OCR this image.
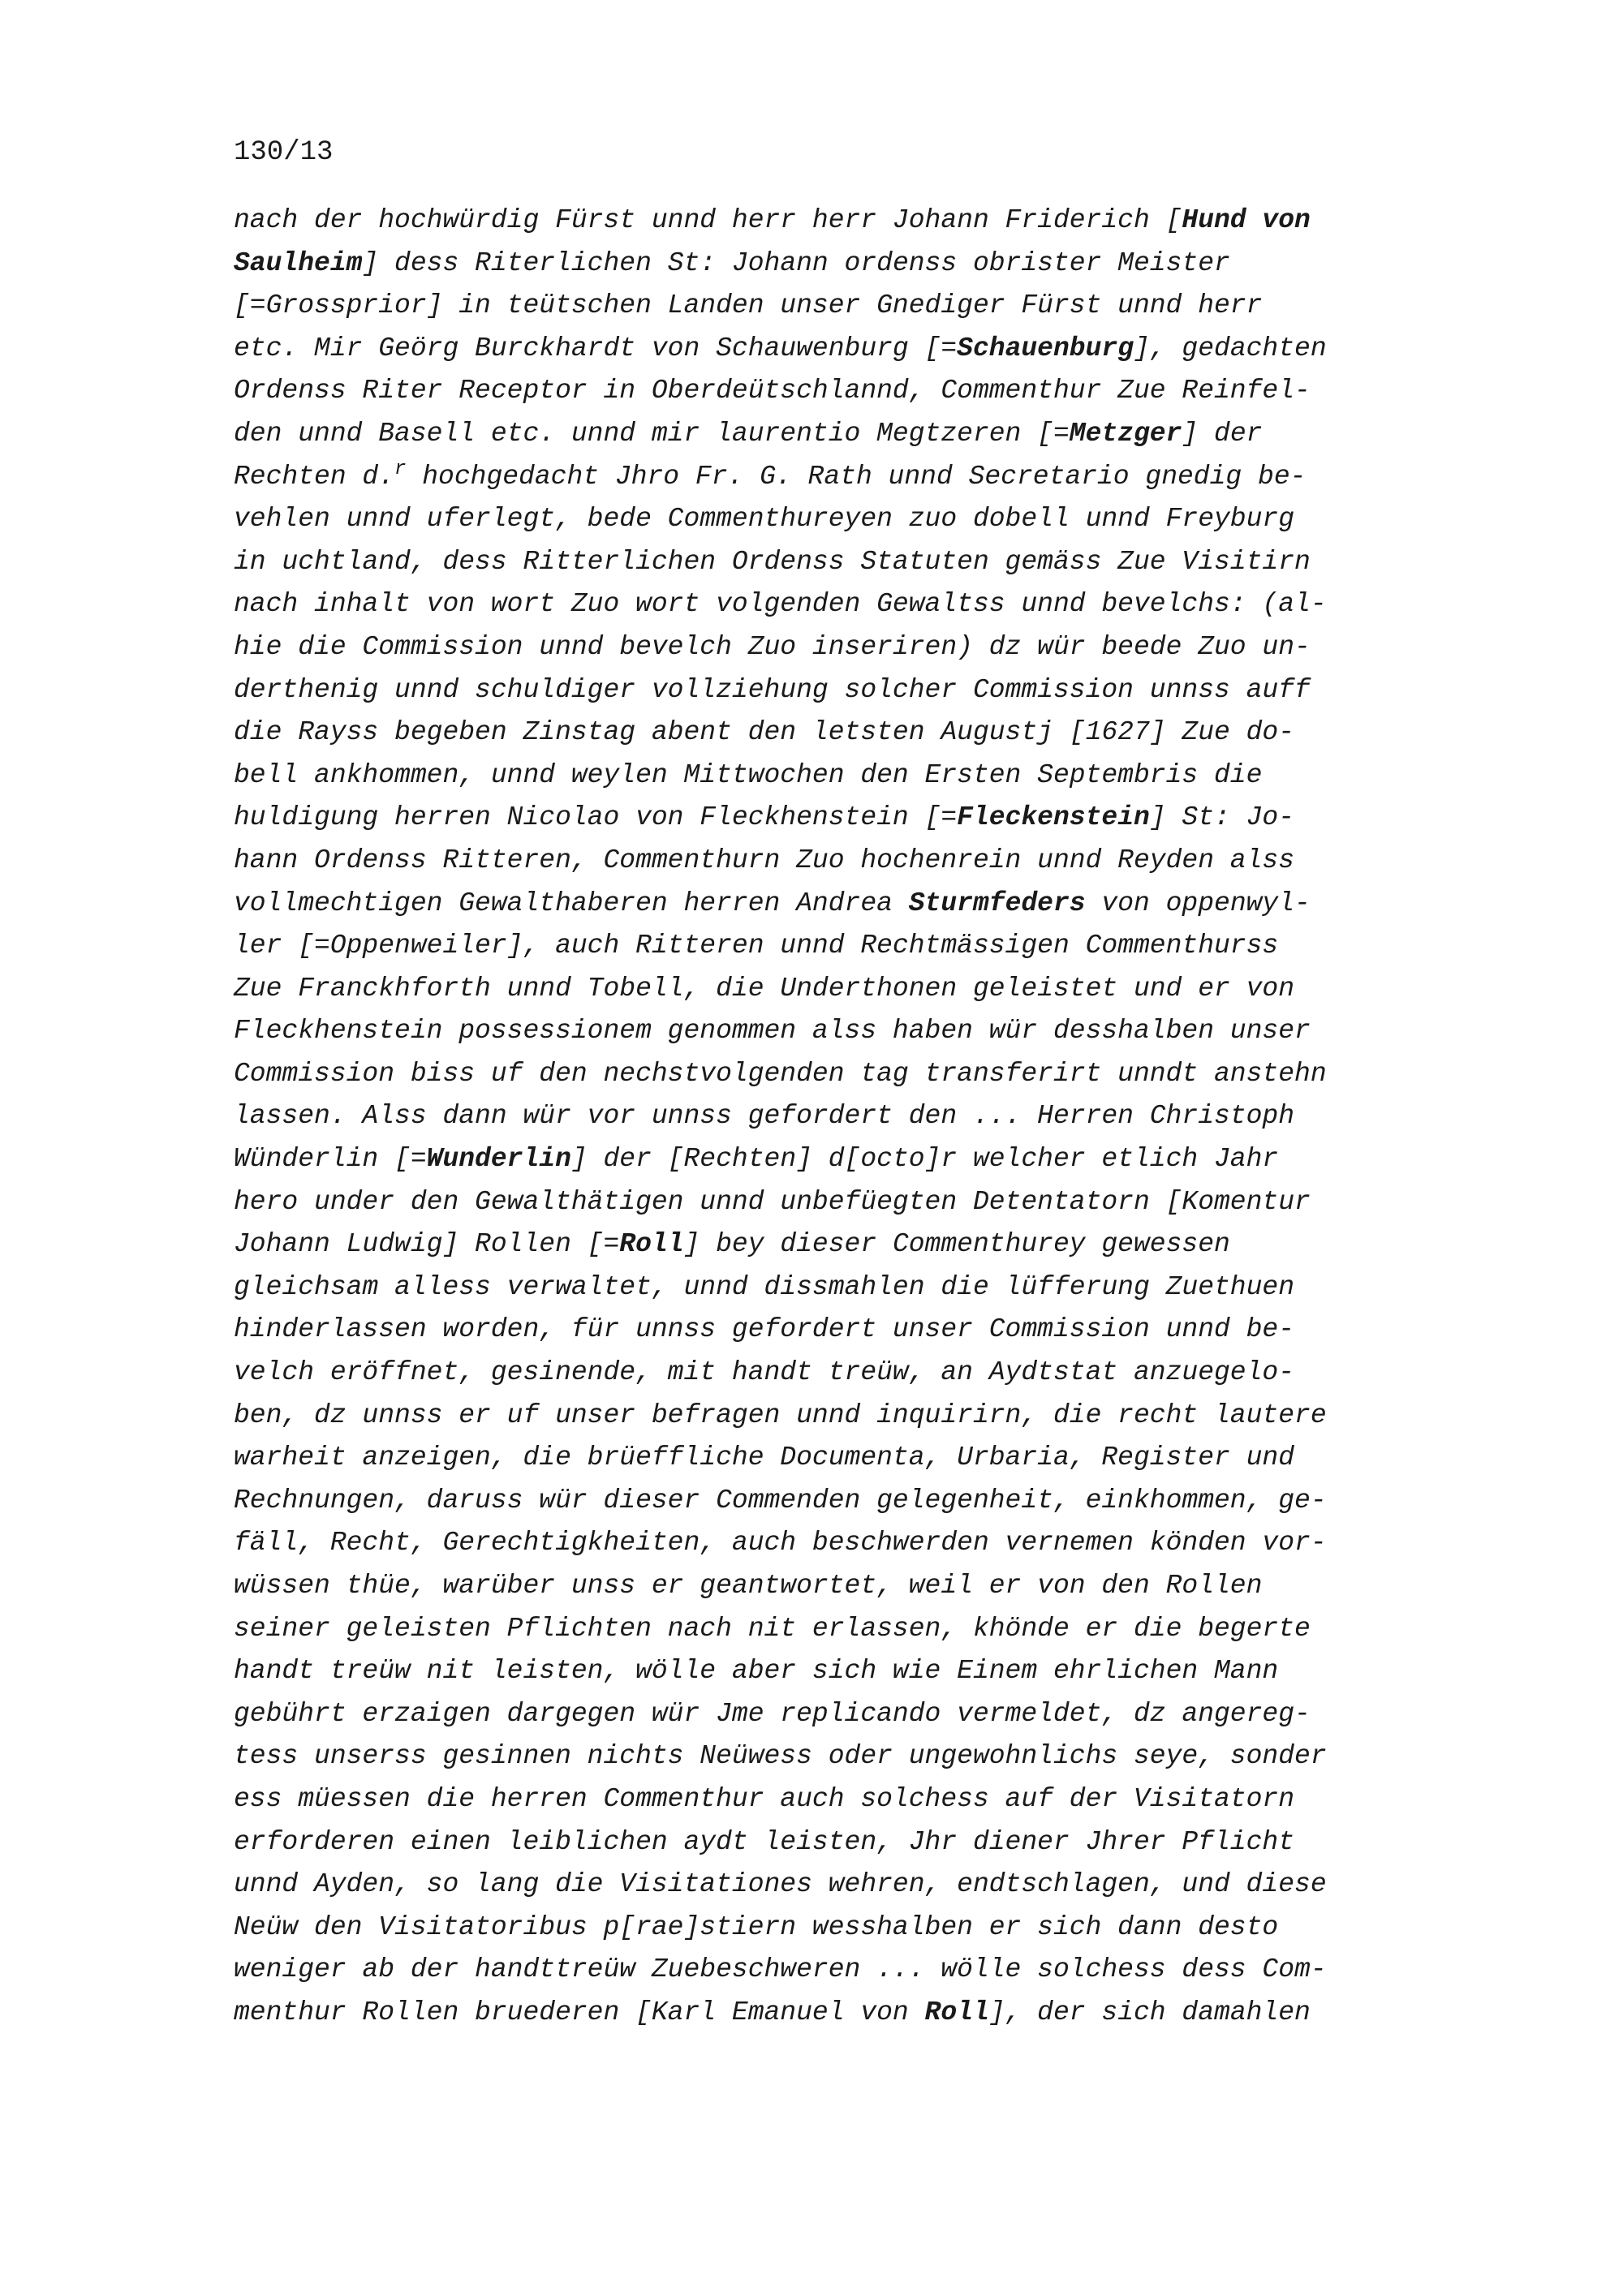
130/13
nach der hochwürdig Fürst unnd herr herr Johann Friderich [Hund von
Saulheim] dess Riterlichen St: Johann ordenss obrister Meister
[=Grossprior] in teütschen Landen unser Gnediger Fürst unnd herr
etc. Mir Geörg Burckhardt von Schauwenburg [=Schauenburg], gedachten
Ordenss Riter Receptor in Oberdeütschlannd, Commenthur Zue Reinfel-
den unnd Basell etc. unnd mir laurentio Megtzeren [=Metzger] der
Rechten d.$^r$ hochgedacht Jhro Fr. G. Rath unnd Secretario gnedig be-
vehlen unnd uferlegt, bede Commenthureyen zuo dobell unnd Freyburg
in uchtland, dess Ritterlichen Ordenss Statuten gemäss Zue Visitirn
nach inhalt von wort Zuo wort volgenden Gewaltss unnd bevelchs: (al-
hie die Commission unnd bevelch Zuo inseriren) dz wür beede Zuo un-
derthenig unnd schuldiger vollziehung solcher Commission unnss auff
die Rayss begeben Zinstag abent den letsten Augustj [1627] Zue do-
bell ankhommen, unnd weylen Mittwochen den Ersten Septembris die
huldigung herren Nicolao von Fleckhenstein [=Fleckenstein] St: Jo-
hann Ordenss Ritteren, Commenthurn Zuo hochenrein unnd Reyden alss
vollmechtigen Gewalthaberen herren Andrea Sturmfeders von oppenwyl-
ler [=Oppenweiler], auch Ritteren unnd Rechtmässigen Commenthurss
Zue Franckhforth unnd Tobell, die Underthonen geleistet und er von
Fleckhenstein possessionem genommen alss haben wür desshalben unser
Commission biss uf den nechstvolgenden tag transferirt unndt anstehn
lassen. Alss dann wür vor unnss gefordert den ... Herren Christoph
Wünderlin [=Wunderlin] der [Rechten] d[octo]r welcher etlich Jahr
hero under den Gewalthätigen unnd unbefüegten Detentatorn [Komentur
Johann Ludwig] Rollen [=Roll] bey dieser Commenthurey gewessen
gleichsam alless verwaltet, unnd dissmahlen die lüfferung Zuethuen
hinderlassen worden, für unnss gefordert unser Commission unnd be-
velch eröffnet, gesinende, mit handt treüw, an Aydtstat anzuegelo-
ben, dz unnss er uf unser befragen unnd inquirirn, die recht lautere
warheit anzeigen, die brüeffliche Documenta, Urbaria, Register und
Rechnungen, daruss wür dieser Commenden gelegenheit, einkhommen, ge-
fäll, Recht, Gerechtigkheiten, auch beschwerden vernemen könden vor-
wüssen thüe, warüber unss er geantwortet, weil er von den Rollen
seiner geleisten Pflichten nach nit erlassen, khönde er die begerte
handt treüw nit leisten, wölle aber sich wie Einem ehrlichen Mann
gebührt erzaigen dargegen wür Jme replicando vermeldet, dz angereg-
tess unserss gesinnen nichts Neüwess oder ungewohnlichs seye, sonder
ess müessen die herren Commenthur auch solchess auf der Visitatorn
erforderen einen leiblichen aydt leisten, Jhr diener Jhrer Pflicht
unnd Ayden, so lang die Visitationes wehren, endtschlagen, und diese
Neüw den Visitatoribus p[rae]stiern wesshalben er sich dann desto
weniger ab der handttreüw Zuebeschweren ... wölle solchess dess Com-
menthur Rollen bruederen [Karl Emanuel von Roll], der sich damahlen
